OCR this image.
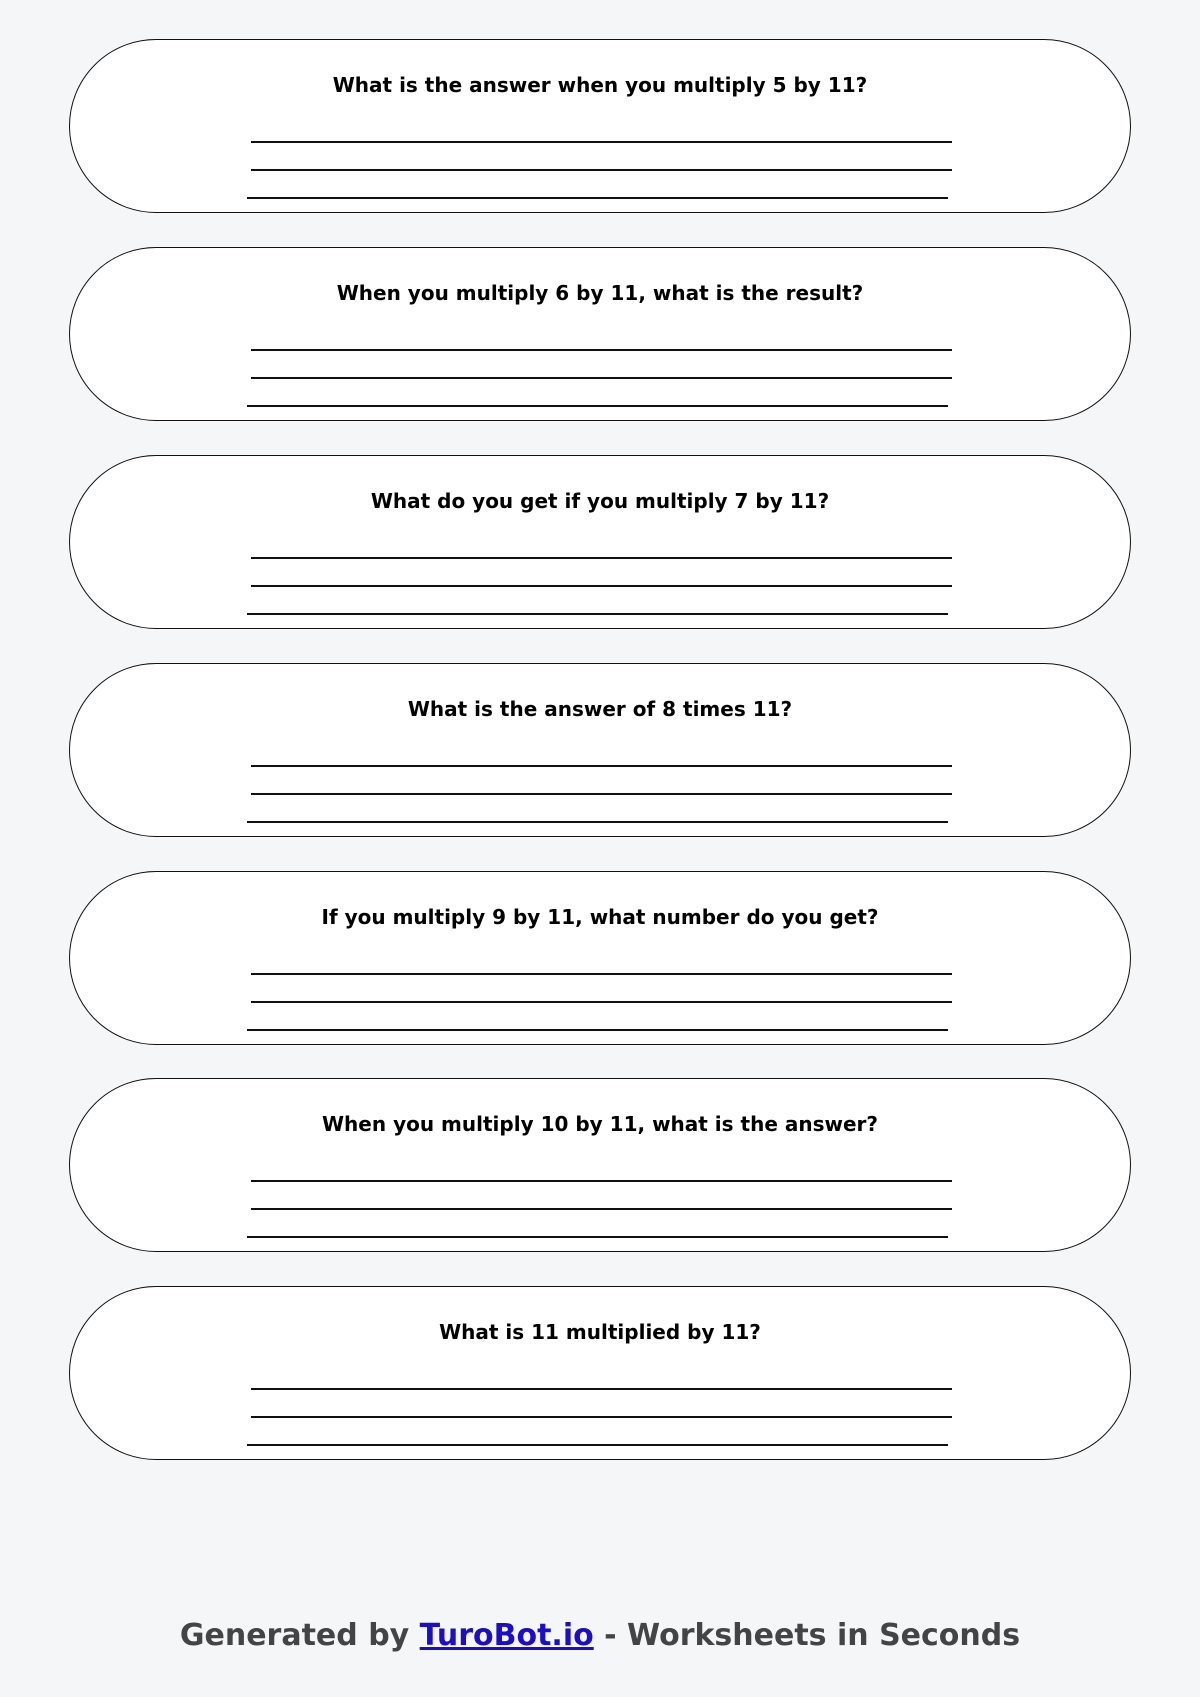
What is the answer when you multiply 5 by 11?
When you multiply 6 by 11, what is the result?
What do you get if you multiply 7 by 11?
What is the answer of 8 times 11?
If you multiply 9 by 11, what number do you get?
When you multiply 10 by 11, what is the answer?
What is 11 multiplied by 11?
Generated by TuroBot.io - Worksheets in Seconds
